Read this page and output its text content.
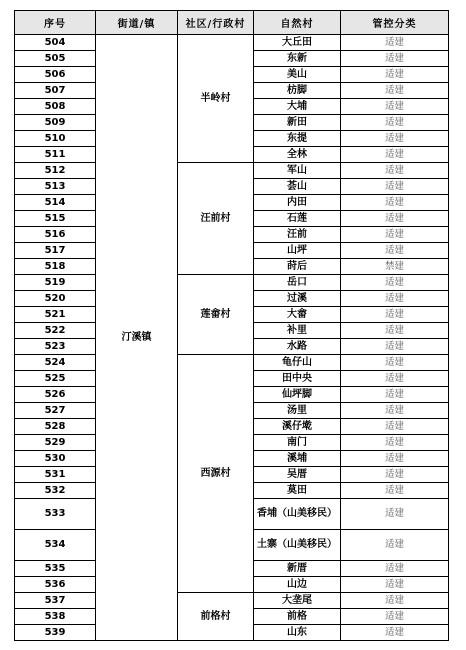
序号	街道/镇	社区/行政村	自然村	管控分类
504	汀溪镇	半岭村	大丘田	适建
505			东新	适建
506			美山	适建
507			枋脚	适建
508			大埔	适建
509			新田	适建
510			东提	适建
511			全林	适建
512		汪前村	军山	适建
513			荟山	适建
514			内田	适建
515			石莲	适建
516			汪前	适建
517			山坪	适建
518			莳后	禁建
519		莲畲村	岳口	适建
520			过溪	适建
521			大畲	适建
522			补里	适建
523			水路	适建
524		西源村	龟仔山	适建
525			田中央	适建
526			仙坪脚	适建
527			汤里	适建
528			溪仔墘	适建
529			南门	适建
530			溪埔	适建
531			吴厝	适建
532			莫田	适建
533			香埔（山美移民）	适建
534			土寨（山美移民）	适建
535			新厝	适建
536			山边	适建
537		前格村	大垄尾	适建
538			前格	适建
539			山东	适建
